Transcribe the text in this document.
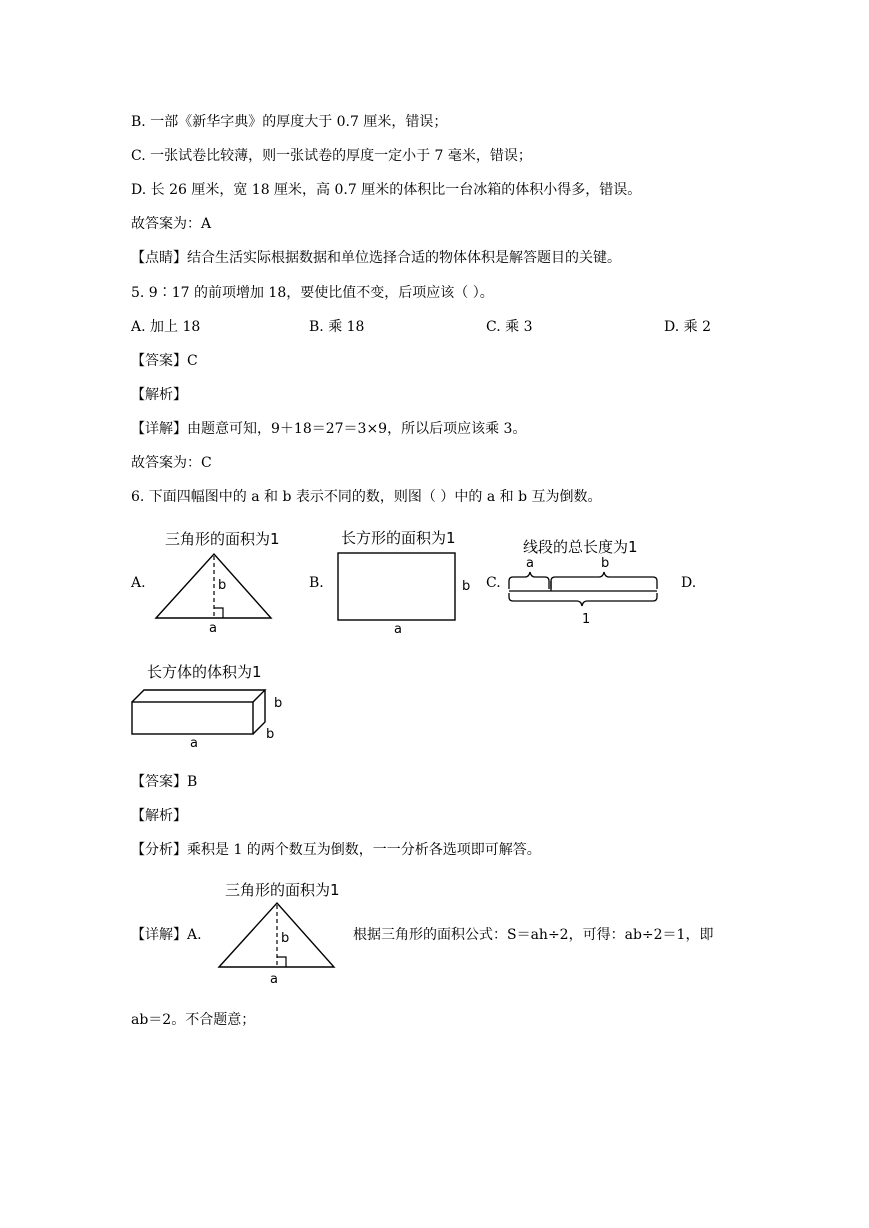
B. 一部《新华字典》的厚度大于 0.7 厘米，错误；
C. 一张试卷比较薄，则一张试卷的厚度一定小于 7 毫米，错误；
D. 长 26 厘米，宽 18 厘米，高 0.7 厘米的体积比一台冰箱的体积小得多，错误。
故答案为：A
【点睛】结合生活实际根据数据和单位选择合适的物体体积是解答题目的关键。
5. 9∶17 的前项增加 18，要使比值不变，后项应该（ ）。
A. 加上 18	B. 乘 18	C. 乘 3	D. 乘 2
【答案】C
【解析】
【详解】由题意可知，9＋18＝27＝3×9，所以后项应该乘 3。
故答案为：C
6. 下面四幅图中的 a 和 b 表示不同的数，则图（ ）中的 a 和 b 互为倒数。
A.	B.	C.	D.
三角形的面积为1
b
a
长方形的面积为1
b
a
线段的总长度为1
a	b
1
长方体的体积为1
b
b
a
【答案】B
【解析】
【分析】乘积是 1 的两个数互为倒数，一一分析各选项即可解答。
【详解】A.
三角形的面积为1
b
a
根据三角形的面积公式：S＝ah÷2，可得：ab÷2＝1，即
ab＝2。不合题意；
